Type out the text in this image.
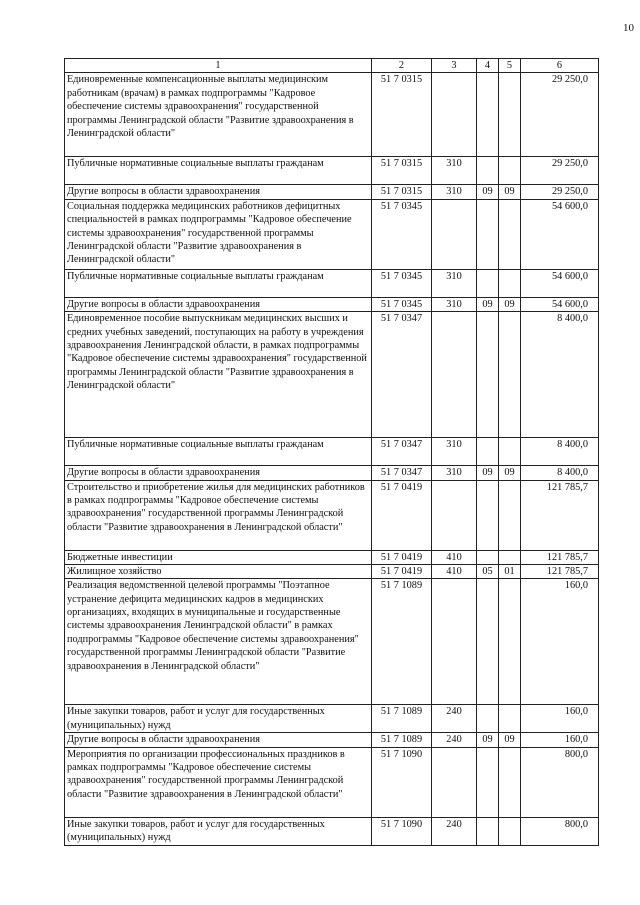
10
1	2	3	4	5	6
Единовременные компенсационные выплаты медицинским работникам (врачам) в рамках подпрограммы "Кадровое обеспечение системы здравоохранения" государственной программы Ленинградской области "Развитие здравоохранения в Ленинградской области"	51 7 0315				29 250,0
Публичные нормативные социальные выплаты гражданам	51 7 0315	310			29 250,0
Другие вопросы в области здравоохранения	51 7 0315	310	09	09	29 250,0
Социальная поддержка медицинских работников дефицитных специальностей в рамках подпрограммы "Кадровое обеспечение системы здравоохранения" государственной программы Ленинградской области "Развитие здравоохранения в Ленинградской области"	51 7 0345				54 600,0
Публичные нормативные социальные выплаты гражданам	51 7 0345	310			54 600,0
Другие вопросы в области здравоохранения	51 7 0345	310	09	09	54 600,0
Единовременное пособие выпускникам медицинских высших и средних учебных заведений, поступающих на работу в учреждения здравоохранения Ленинградской области, в рамках подпрограммы "Кадровое обеспечение системы здравоохранения" государственной программы Ленинградской области "Развитие здравоохранения в Ленинградской области"	51 7 0347				8 400,0
Публичные нормативные социальные выплаты гражданам	51 7 0347	310			8 400,0
Другие вопросы в области здравоохранения	51 7 0347	310	09	09	8 400,0
Строительство и приобретение жилья для медицинских работников в рамках подпрограммы "Кадровое обеспечение системы здравоохранения" государственной программы Ленинградской области "Развитие здравоохранения в Ленинградской области"	51 7 0419				121 785,7
Бюджетные инвестиции	51 7 0419	410			121 785,7
Жилищное хозяйство	51 7 0419	410	05	01	121 785,7
Реализация ведомственной целевой программы "Поэтапное устранение дефицита медицинских кадров в медицинских организациях, входящих в муниципальные и государственные системы здравоохранения Ленинградской области" в рамках подпрограммы "Кадровое обеспечение системы здравоохранения" государственной программы Ленинградской области "Развитие здравоохранения в Ленинградской области"	51 7 1089				160,0
Иные закупки товаров, работ и услуг для государственных (муниципальных) нужд	51 7 1089	240			160,0
Другие вопросы в области здравоохранения	51 7 1089	240	09	09	160,0
Мероприятия по организации профессиональных праздников в рамках подпрограммы "Кадровое обеспечение системы здравоохранения" государственной программы Ленинградской области "Развитие здравоохранения в Ленинградской области"	51 7 1090				800,0
Иные закупки товаров, работ и услуг для государственных (муниципальных) нужд	51 7 1090	240			800,0
